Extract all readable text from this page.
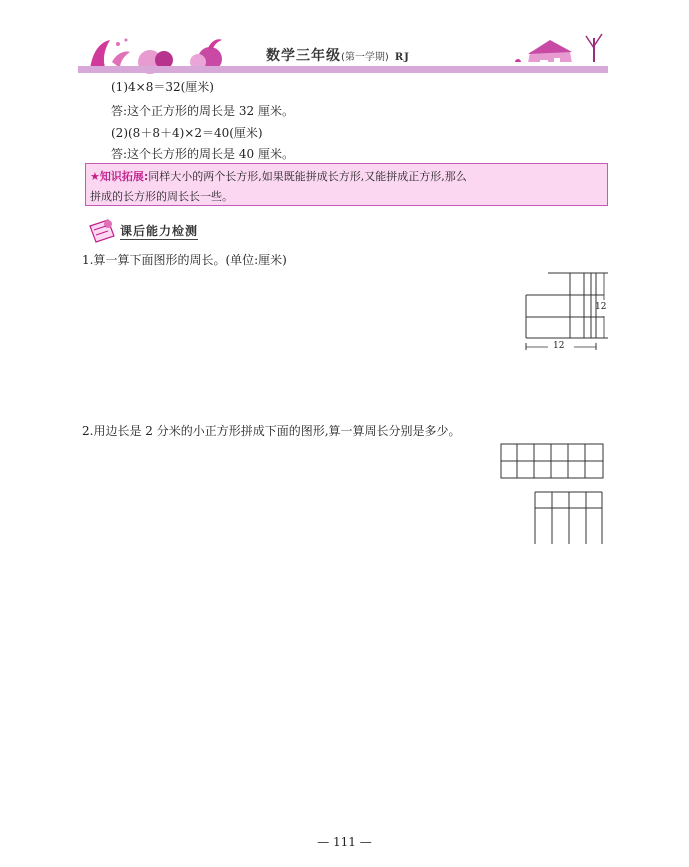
数学三年级(第一学期) RJ
(1)4×8＝32(厘米)
答:这个正方形的周长是 32 厘米。
(2)(8＋8＋4)×2＝40(厘米)
答:这个长方形的周长是 40 厘米。
★知识拓展:同样大小的两个长方形,如果既能拼成长方形,又能拼成正方形,那么
拼成的长方形的周长长一些。
课后能力检测
1.算一算下面图形的周长。(单位:厘米)
12
12
2.用边长是 2 分米的小正方形拼成下面的图形,算一算周长分别是多少。
— 111 —
